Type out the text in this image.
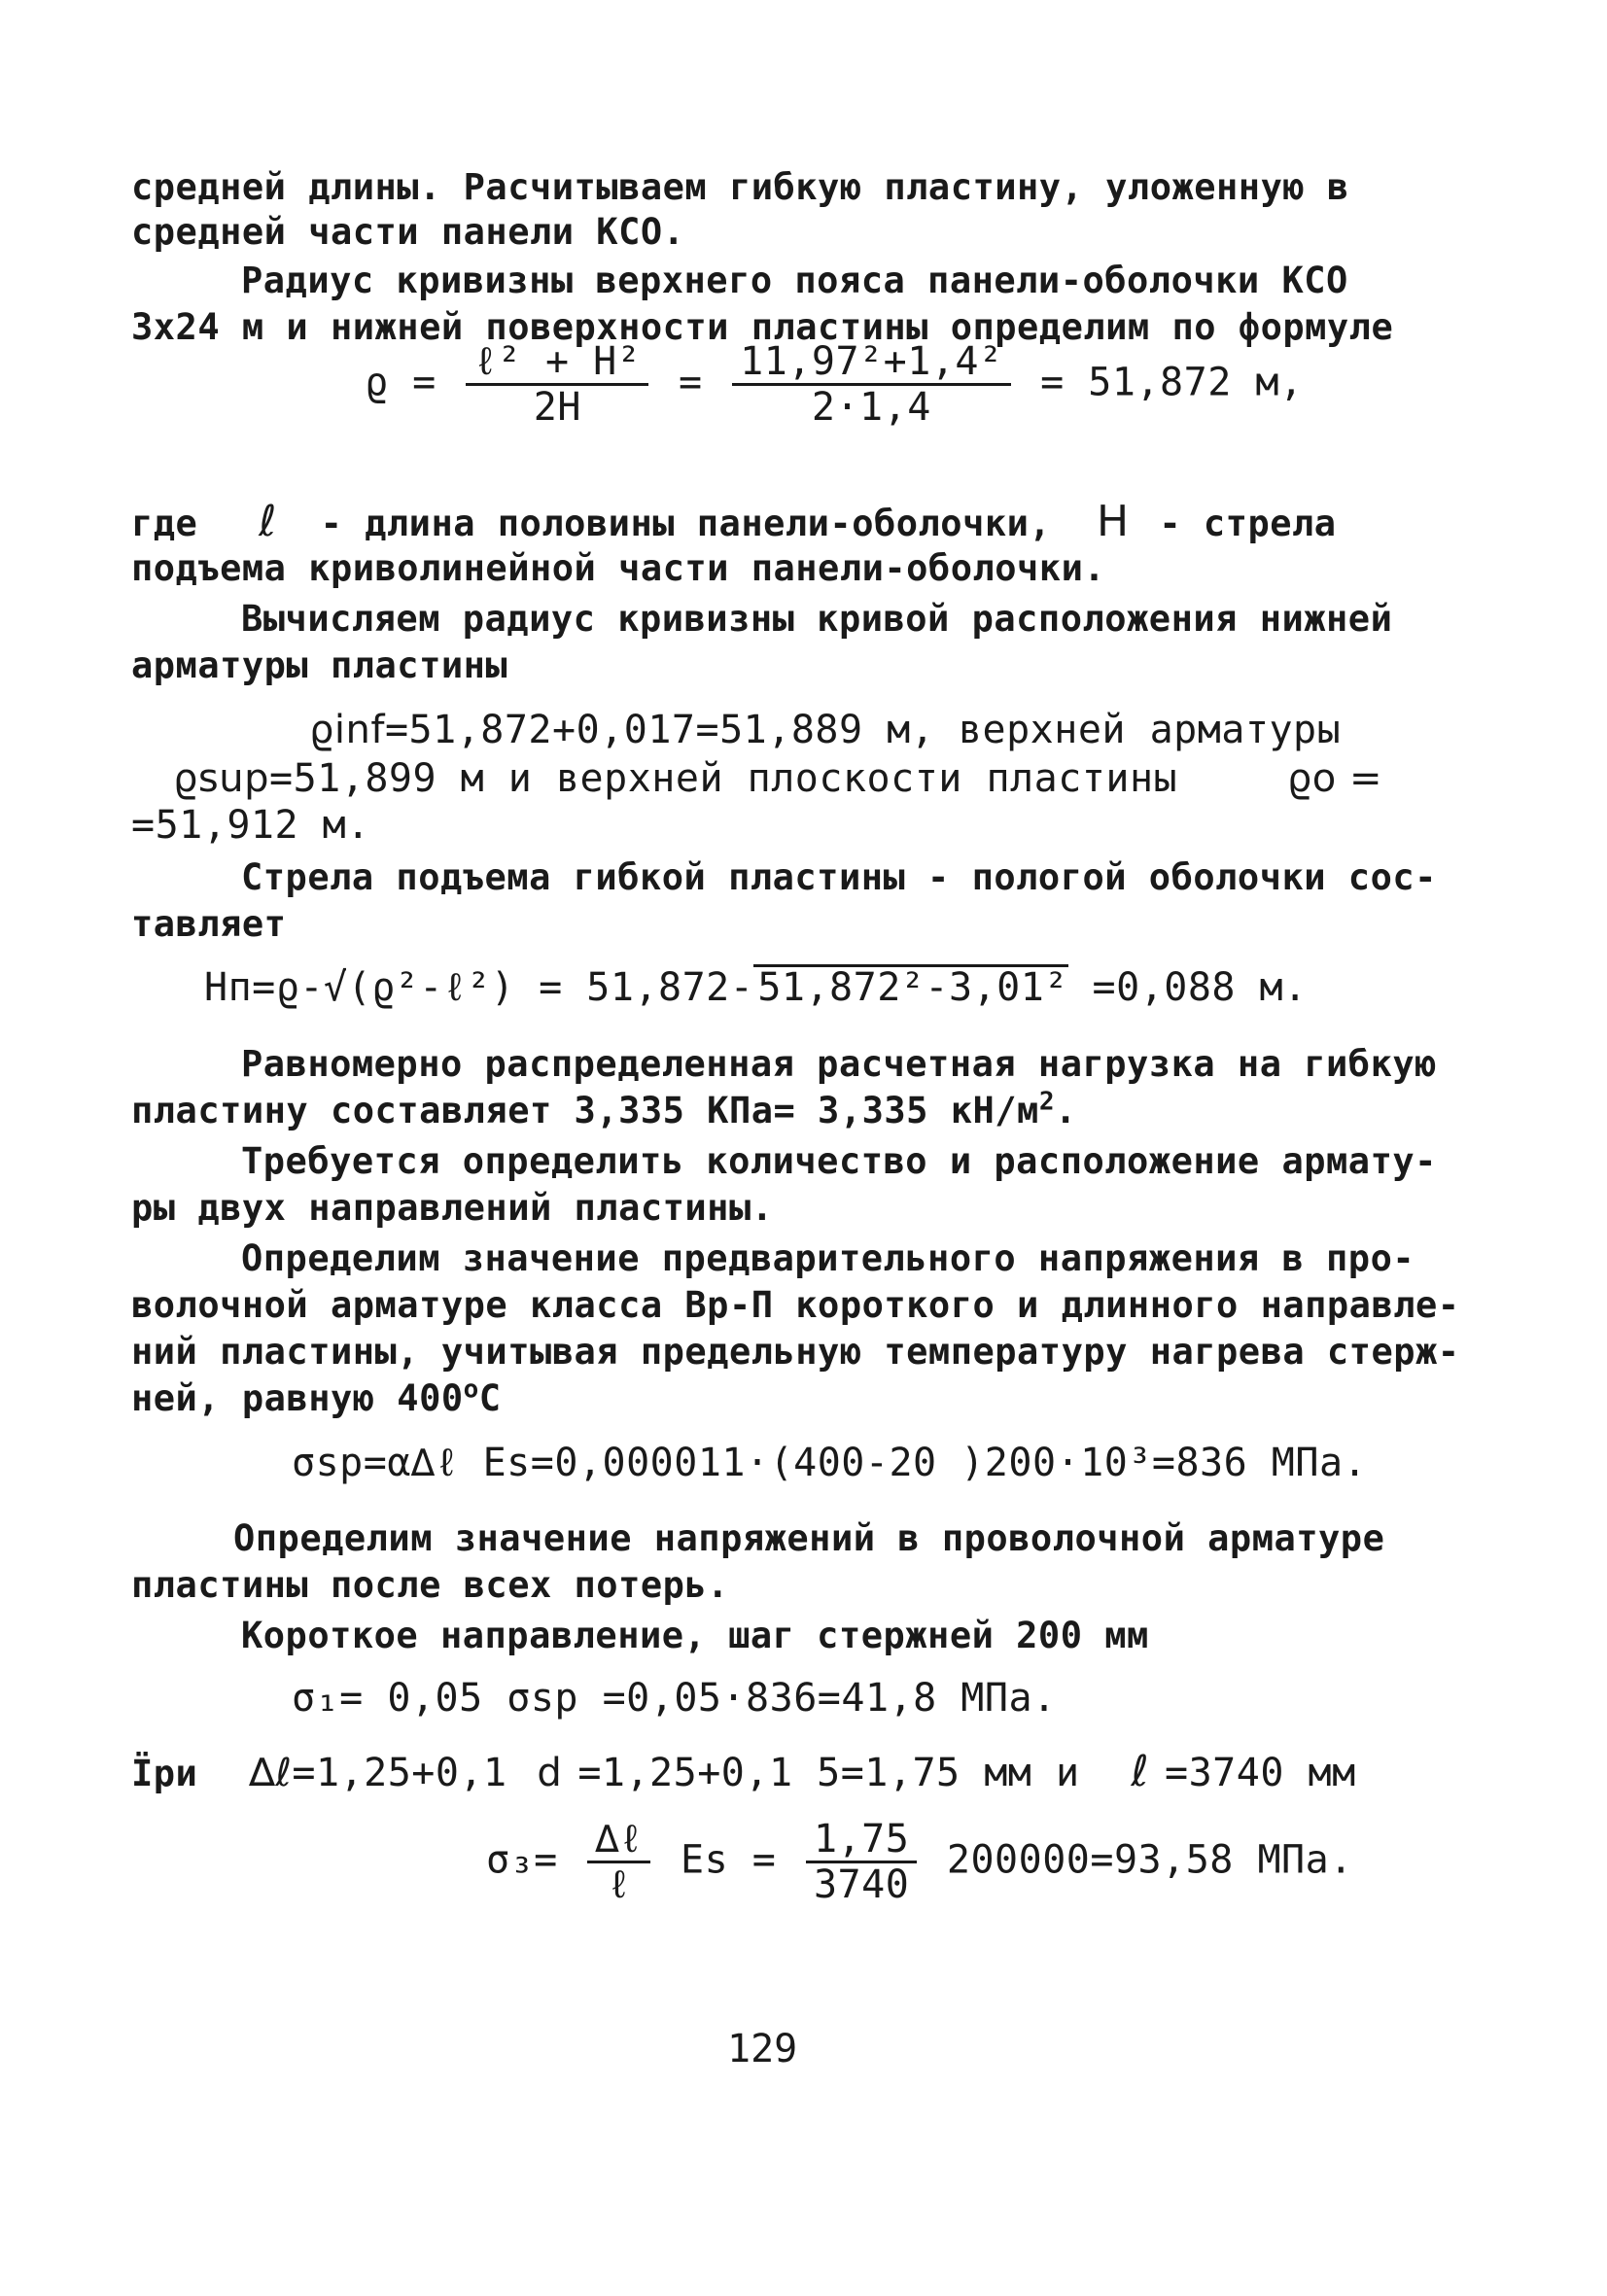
средней длины. Расчитываем гибкую пластину, уложенную в
средней части панели КСО.
Радиус кривизны верхнего пояса панели-оболочки КСО
3x24 м и нижней поверхности пластины определим по формуле
$ϱ = \frac{\text{ℓ² + H²}}{2H} = \frac{\text{11,97²+1,4²}}{2\cdot 1,4} = 51,872$ м,
где ℓ - длина половины панели-оболочки, H - стрела
подъема криволинейной части панели-оболочки.
Вычисляем радиус кривизны кривой расположения нижней
арматуры пластины
ϱinf=51,872+0,017=51,889 м, верхней арматуры
ϱsup=51,899 м и верхней плоскости пластины	ϱo =
=51,912 м.
Стрела подъема гибкой пластины - пологой оболочки сос-
тавляет
Hп=ϱ-√(ϱ²-ℓ²) = 51,872- 51,872²-3,01² =0,088 м.
Равномерно распределенная расчетная нагрузка на гибкую
пластину составляет 3,335 КПа= 3,335 $кН/м^2$.
Требуется определить количество и расположение армату-
ры двух направлений пластины.
Определим значение предварительного напряжения в про-
волочной арматуре класса Вр-П короткого и длинного направле-
ний пластины, учитывая предельную температуру нагрева стерж-
ней, равную 400$^o$C
σsp=α∆ℓ Es=0,000011·(400-20 )200·10³=836 МПа.
Определим значение напряжений в проволочной арматуре
пластины после всех потерь.
Короткое направление, шаг стержней 200 мм
σ₁= 0,05 σsp =0,05·836=41,8 МПа.
Ïри ∆ℓ=1,25+0,1 d =1,25+0,1 5=1,75 мм и ℓ =3740 мм
$\sigma_3= \frac{\text{∆ℓ}}{\text{ℓ}}$ $Es = \frac{1,75}{3740} 200000=93,58$ МПа.
129
